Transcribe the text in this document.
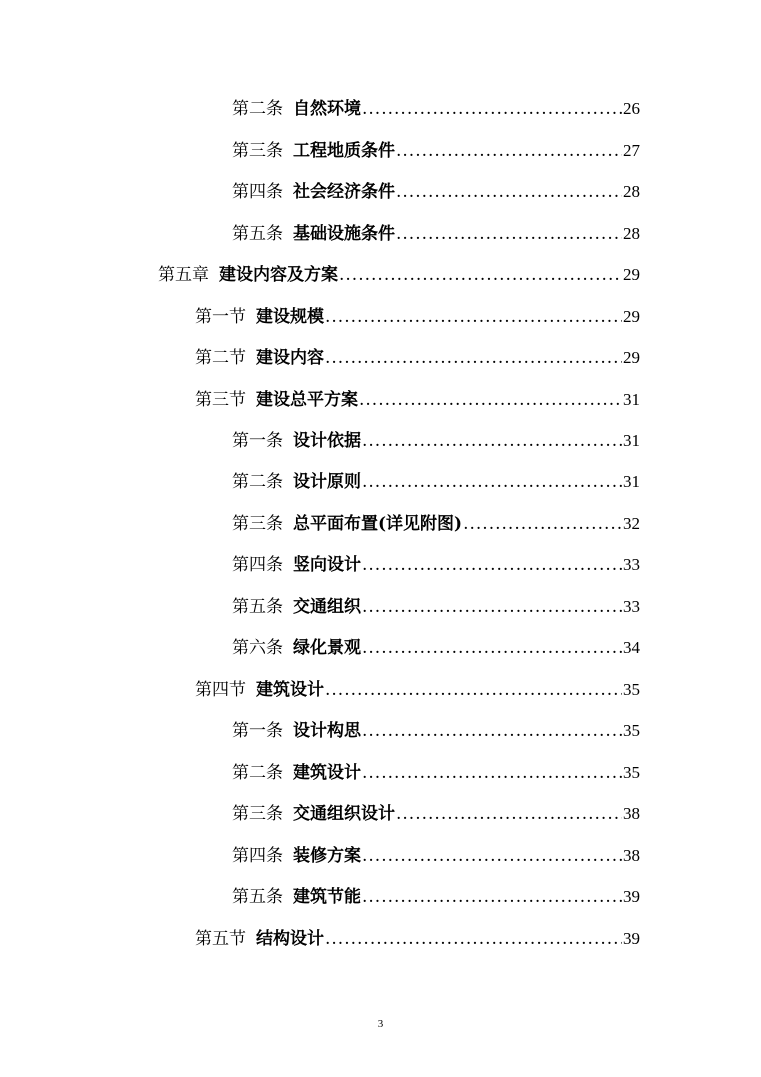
第二条 自然环境 .....	26
第三条 工程地质条件 .....	27
第四条 社会经济条件 .....	28
第五条 基础设施条件 .....	28
第五章 建设内容及方案 .....	29
第一节 建设规模 .....	29
第二节 建设内容 .....	29
第三节 建设总平方案 .....	31
第一条 设计依据 .....	31
第二条 设计原则 .....	31
第三条 总平面布置(详见附图) .....	32
第四条 竖向设计 .....	33
第五条 交通组织 .....	33
第六条 绿化景观 .....	34
第四节 建筑设计 .....	35
第一条 设计构思 .....	35
第二条 建筑设计 .....	35
第三条 交通组织设计 .....	38
第四条 装修方案 .....	38
第五条 建筑节能 .....	39
第五节 结构设计 .....	39
3
